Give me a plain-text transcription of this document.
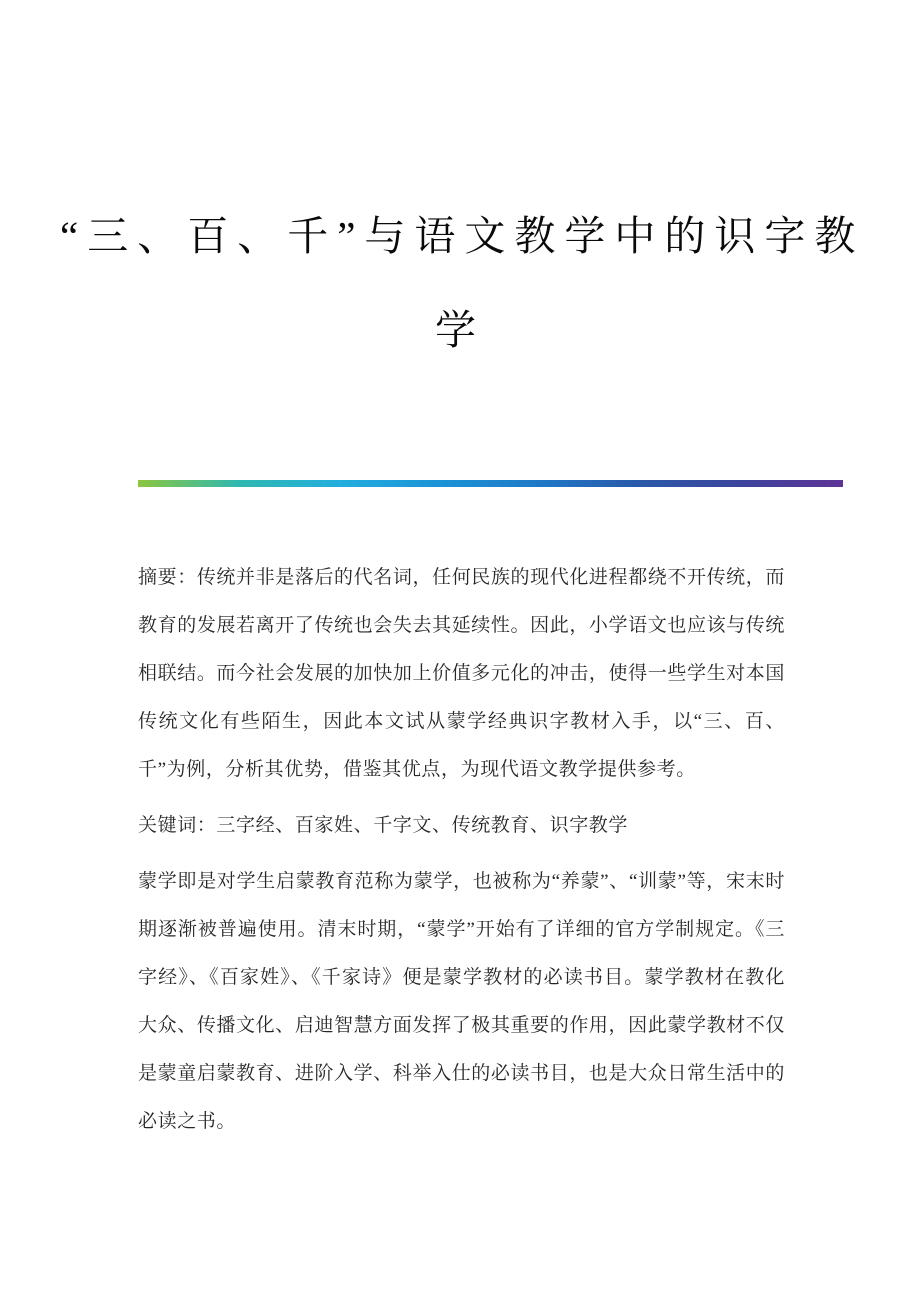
“三、百、千”与语文教学中的识字教
学

摘要：传统并非是落后的代名词，任何民族的现代化进程都绕不开传统，而教育的发展若离开了传统也会失去其延续性。因此，小学语文也应该与传统相联结。而今社会发展的加快加上价值多元化的冲击，使得一些学生对本国传统文化有些陌生，因此本文试从蒙学经典识字教材入手，以“三、百、千”为例，分析其优势，借鉴其优点，为现代语文教学提供参考。

关键词：三字经、百家姓、千字文、传统教育、识字教学

蒙学即是对学生启蒙教育范称为蒙学，也被称为“养蒙”、“训蒙”等，宋末时期逐渐被普遍使用。清末时期，“蒙学”开始有了详细的官方学制规定。《三字经》、《百家姓》、《千家诗》便是蒙学教材的必读书目。蒙学教材在教化大众、传播文化、启迪智慧方面发挥了极其重要的作用，因此蒙学教材不仅是蒙童启蒙教育、进阶入学、科举入仕的必读书目，也是大众日常生活中的必读之书。
